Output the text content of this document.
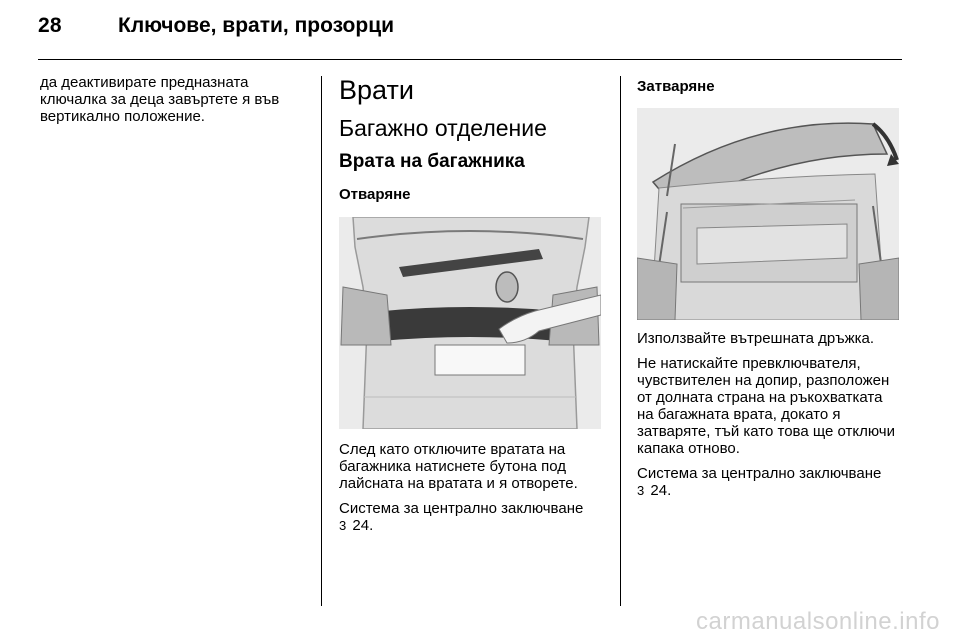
28	Ключове, врати, прозорци

да деактивирате предназната ключалка за деца завъртете я във вертикално положение.

Врати
Багажно отделение
Врата на багажника
Отваряне

След като отключите вратата на багажника натиснете бутона под лайсната на вратата и я отворете.

Система за централно заключване
3 24.

Затваряне

Използвайте вътрешната дръжка.

Не натискайте превключвателя, чувствителен на допир, разположен от долната страна на ръкохватката на багажната врата, докато я затваряте, тъй като това ще отключи капака отново.

Система за централно заключване
3 24.

carmanualsonline.info
